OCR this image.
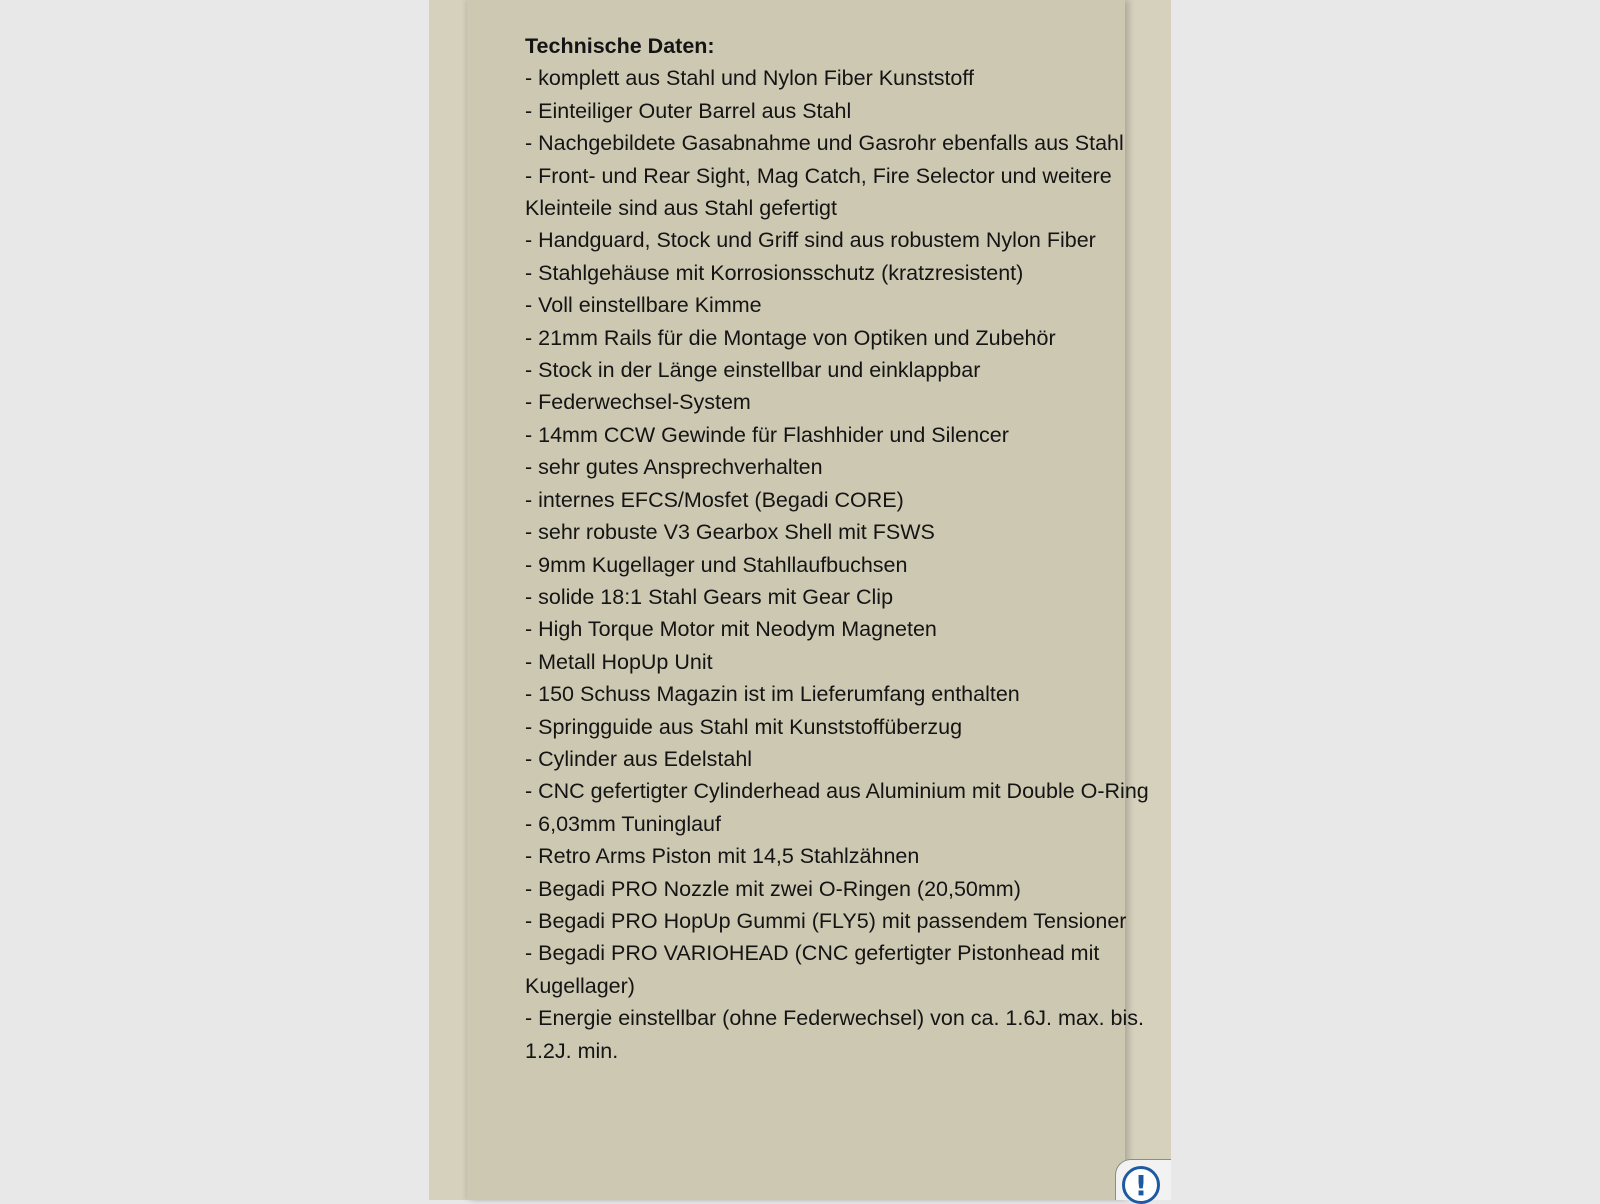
Technische Daten:

- komplett aus Stahl und Nylon Fiber Kunststoff
- Einteiliger Outer Barrel aus Stahl
- Nachgebildete Gasabnahme und Gasrohr ebenfalls aus Stahl
- Front- und Rear Sight, Mag Catch, Fire Selector und weitere Kleinteile sind aus Stahl gefertigt
- Handguard, Stock und Griff sind aus robustem Nylon Fiber
- Stahlgehäuse mit Korrosionsschutz (kratzresistent)
- Voll einstellbare Kimme
- 21mm Rails für die Montage von Optiken und Zubehör
- Stock in der Länge einstellbar und einklappbar
- Federwechsel-System
- 14mm CCW Gewinde für Flashhider und Silencer
- sehr gutes Ansprechverhalten
- internes EFCS/Mosfet (Begadi CORE)
- sehr robuste V3 Gearbox Shell mit FSWS
- 9mm Kugellager und Stahllaufbuchsen
- solide 18:1 Stahl Gears mit Gear Clip
- High Torque Motor mit Neodym Magneten
- Metall HopUp Unit
- 150 Schuss Magazin ist im Lieferumfang enthalten
- Springguide aus Stahl mit Kunststoffüberzug
- Cylinder aus Edelstahl
- CNC gefertigter Cylinderhead aus Aluminium mit Double O-Ring
- 6,03mm Tuninglauf
- Retro Arms Piston mit 14,5 Stahlzähnen
- Begadi PRO Nozzle mit zwei O-Ringen (20,50mm)
- Begadi PRO HopUp Gummi (FLY5) mit passendem Tensioner
- Begadi PRO VARIOHEAD (CNC gefertigter Pistonhead mit Kugellager)
- Energie einstellbar (ohne Federwechsel) von ca. 1.6J. max. bis. 1.2J. min.
!
